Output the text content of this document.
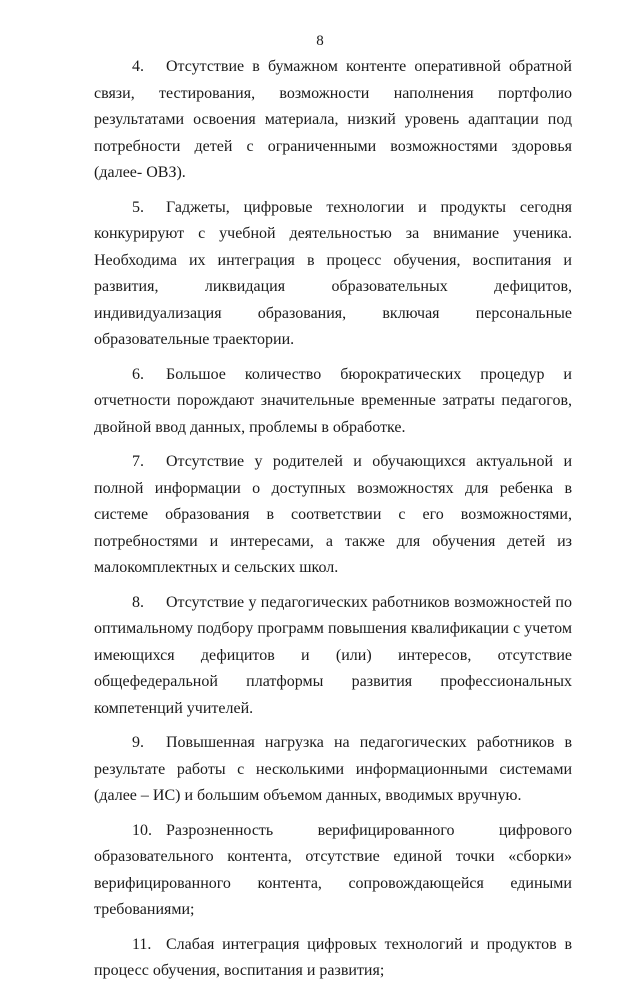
8

4. Отсутствие в бумажном контенте оперативной обратной связи, тестирования, возможности наполнения портфолио результатами освоения материала, низкий уровень адаптации под потребности детей с ограниченными возможностями здоровья (далее- ОВЗ).

5. Гаджеты, цифровые технологии и продукты сегодня конкурируют с учебной деятельностью за внимание ученика. Необходима их интеграция в процесс обучения, воспитания и развития, ликвидация образовательных дефицитов, индивидуализация образования, включая персональные образовательные траектории.

6. Большое количество бюрократических процедур и отчетности порождают значительные временные затраты педагогов, двойной ввод данных, проблемы в обработке.

7. Отсутствие у родителей и обучающихся актуальной и полной информации о доступных возможностях для ребенка в системе образования в соответствии с его возможностями, потребностями и интересами, а также для обучения детей из малокомплектных и сельских школ.

8. Отсутствие у педагогических работников возможностей по оптимальному подбору программ повышения квалификации с учетом имеющихся дефицитов и (или) интересов, отсутствие общефедеральной платформы развития профессиональных компетенций учителей.

9. Повышенная нагрузка на педагогических работников в результате работы с несколькими информационными системами (далее – ИС) и большим объемом данных, вводимых вручную.

10. Разрозненность верифицированного цифрового образовательного контента, отсутствие единой точки «сборки» верифицированного контента, сопровождающейся едиными требованиями;

11. Слабая интеграция цифровых технологий и продуктов в процесс обучения, воспитания и развития;
